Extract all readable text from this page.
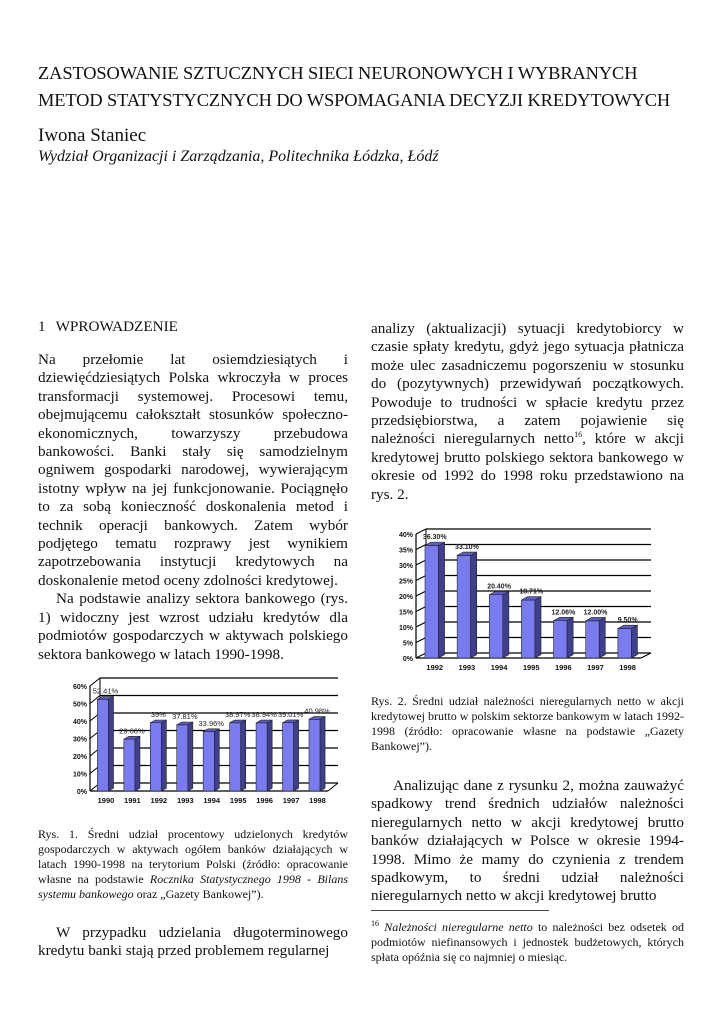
ZASTOSOWANIE SZTUCZNYCH SIECI NEURONOWYCH I WYBRANYCH
METOD STATYSTYCZNYCH DO WSPOMAGANIA DECYZJI KREDYTOWYCH
Iwona Staniec
Wydział Organizacji i Zarządzania, Politechnika Łódzka, Łódź
1 WPROWADZENIE

Na przełomie lat osiemdziesiątych i dziewięćdziesiątych Polska wkroczyła w proces transformacji systemowej. Procesowi temu, obejmującemu całokształt stosunków społeczno-ekonomicznych, towarzyszy przebudowa bankowości. Banki stały się samodzielnym ogniwem gospodarki narodowej, wywierającym istotny wpływ na jej funkcjonowanie. Pociągnęło to za sobą konieczność doskonalenia metod i technik operacji bankowych. Zatem wybór podjętego tematu rozprawy jest wynikiem zapotrzebowania instytucji kredytowych na doskonalenie metod oceny zdolności kredytowej.

Na podstawie analizy sektora bankowego (rys. 1) widoczny jest wzrost udziału kredytów dla podmiotów gospodarczych w aktywach polskiego sektora bankowego w latach 1990-1998.

0%
10%
20%
30%
40%
50%
60% 52.41%
1990
29.66%
1991
39%
1992
37.81%
1993
33.96%
1994
38.97%
1995
38.94%
1996
39.01%
1997
40.98%
1998
Rys. 1. Średni udział procentowy udzielonych kredytów gospodarczych w aktywach ogółem banków działających w latach 1990-1998 na terytorium Polski (źródło: opracowanie własne na podstawie Rocznika Statystycznego 1998 - Bilans systemu bankowego oraz „Gazety Bankowej”).

W przypadku udzielania długoterminowego kredytu banki stają przed problemem regularnej

analizy (aktualizacji) sytuacji kredytobiorcy w czasie spłaty kredytu, gdyż jego sytuacja płatnicza może ulec zasadniczemu pogorszeniu w stosunku do (pozytywnych) przewidywań początkowych. Powoduje to trudności w spłacie kredytu przez przedsiębiorstwa, a zatem pojawienie się należności nieregularnych netto$^{16}$, które w akcji kredytowej brutto polskiego sektora bankowego w okresie od 1992 do 1998 roku przedstawiono na rys. 2.

0%
5%
10%
15%
20%
25%
30%
35%
40% 36.30%
1992
33.10%
1993
20.40%
1994
18.71%
1995
12.06%
1996
12.00%
1997
9.50%
1998
Rys. 2. Średni udział należności nieregularnych netto w akcji kredytowej brutto w polskim sektorze bankowym w latach 1992-1998 (źródło: opracowanie własne na podstawie „Gazety Bankowej”).

Analizując dane z rysunku 2, można zauważyć spadkowy trend średnich udziałów należności nieregularnych netto w akcji kredytowej brutto banków działających w Polsce w okresie 1994-1998. Mimo że mamy do czynienia z trendem spadkowym, to średni udział należności nieregularnych netto w akcji kredytowej brutto

$^{16}$ Należności nieregularne netto to należności bez odsetek od podmiotów niefinansowych i jednostek budżetowych, których spłata opóźnia się co najmniej o miesiąc.
